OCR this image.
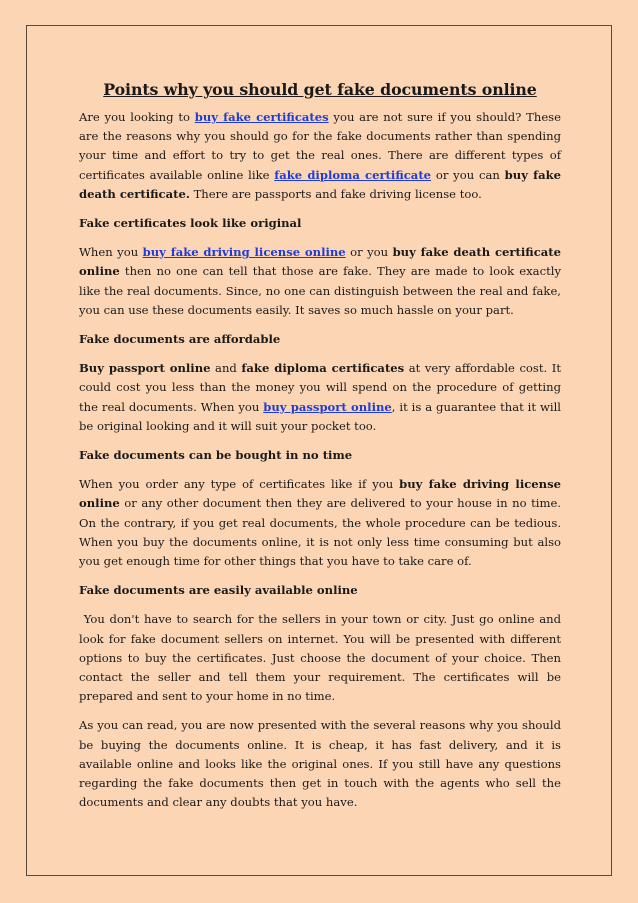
Points why you should get fake documents online

Are you looking to buy fake certificates you are not sure if you should? These are the reasons why you should go for the fake documents rather than spending your time and effort to try to get the real ones. There are different types of certificates available online like fake diploma certificate or you can buy fake death certificate. There are passports and fake driving license too.

Fake certificates look like original

When you buy fake driving license online or you buy fake death certificate online then no one can tell that those are fake. They are made to look exactly like the real documents. Since, no one can distinguish between the real and fake, you can use these documents easily. It saves so much hassle on your part.

Fake documents are affordable

Buy passport online and fake diploma certificates at very affordable cost. It could cost you less than the money you will spend on the procedure of getting the real documents. When you buy passport online, it is a guarantee that it will be original looking and it will suit your pocket too.

Fake documents can be bought in no time

When you order any type of certificates like if you buy fake driving license online or any other document then they are delivered to your house in no time. On the contrary, if you get real documents, the whole procedure can be tedious. When you buy the documents online, it is not only less time consuming but also you get enough time for other things that you have to take care of.

Fake documents are easily available online

You don't have to search for the sellers in your town or city. Just go online and look for fake document sellers on internet. You will be presented with different options to buy the certificates. Just choose the document of your choice. Then contact the seller and tell them your requirement. The certificates will be prepared and sent to your home in no time.

As you can read, you are now presented with the several reasons why you should be buying the documents online. It is cheap, it has fast delivery, and it is available online and looks like the original ones. If you still have any questions regarding the fake documents then get in touch with the agents who sell the documents and clear any doubts that you have.
